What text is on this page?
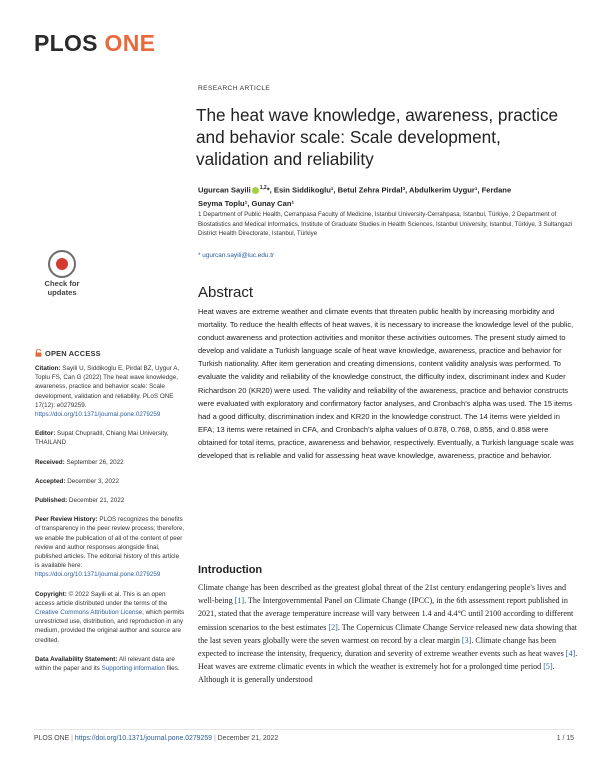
PLOS ONE
RESEARCH ARTICLE
The heat wave knowledge, awareness, practice and behavior scale: Scale development, validation and reliability
Ugurcan Sayili $^{1,2}$*, Esin Siddikoglu¹, Betul Zehra Pirdal³, Abdulkerim Uygur¹, Ferdane
Seyma Toplu¹, Gunay Can¹
1 Department of Public Health, Cerrahpasa Faculty of Medicine, Istanbul University-Cerrahpasa, Istanbul, Türkiye, 2 Department of Biostatistics and Medical Informatics, Institute of Graduate Studies in Health Sciences, Istanbul University, Istanbul, Türkiye, 3 Sultangazi District Health Directorate, Istanbul, Türkiye
* ugurcan.sayili@iuc.edu.tr
Check for
updates	Abstract
Heat waves are extreme weather and climate events that threaten public health by increasing morbidity and mortality. To reduce the health effects of heat waves, it is necessary to increase the knowledge level of the public, conduct awareness and protection activities and monitor these activities outcomes. The present study aimed to develop and validate a Turkish language scale of heat wave knowledge, awareness, practice and behavior for Turkish nationality. After item generation and creating dimensions, content validity analysis was performed. To evaluate the validity and reliability of the knowledge construct, the difficulty index, discriminant index and Kuder Richardson 20 (KR20) were used. The validity and reliability of the awareness, practice and behavior constructs were evaluated with exploratory and confirmatory factor analyses, and Cronbach's alpha was used. The 15 items had a good difficulty, discrimination index and KR20 in the knowledge construct. The 14 items were yielded in EFA; 13 items were retained in CFA, and Cronbach's alpha values of 0.878, 0.768, 0.855, and 0.858 were obtained for total items, practice, awareness and behavior, respectively. Eventually, a Turkish language scale was developed that is reliable and valid for assessing heat wave knowledge, awareness, practice and behavior.
OPEN ACCESS
Citation: Sayili U, Siddikoglu E, Pirdal BZ, Uygur A, Toplu FS, Can G (2022) The heat wave knowledge, awareness, practice and behavior scale: Scale development, validation and reliability. PLoS ONE 17(12): e0279259. https://doi.org/10.1371/journal.pone.0279259
Editor: Supat Chupradit, Chiang Mai University, THAILAND
Received: September 26, 2022
Accepted: December 3, 2022
Published: December 21, 2022
Peer Review History: PLOS recognizes the benefits of transparency in the peer review process; therefore, we enable the publication of all of the content of peer review and author responses alongside final, published articles. The editorial history of this article is available here: https://doi.org/10.1371/journal.pone.0279259
Copyright: © 2022 Sayili et al. This is an open access article distributed under the terms of the Creative Commons Attribution License, which permits unrestricted use, distribution, and reproduction in any medium, provided the original author and source are credited.
Data Availability Statement: All relevant data are within the paper and its Supporting information files.
Introduction
Climate change has been described as the greatest global threat of the 21st century endangering people's lives and well-being [1]. The Intergovernmental Panel on Climate Change (IPCC), in the 6th assessment report published in 2021, stated that the average temperature increase will vary between 1.4 and 4.4°C until 2100 according to different emission scenarios to the best estimates [2]. The Copernicus Climate Change Service released new data showing that the last seven years globally were the seven warmest on record by a clear margin [3]. Climate change has been expected to increase the intensity, frequency, duration and severity of extreme weather events such as heat waves [4]. Heat waves are extreme climatic events in which the weather is extremely hot for a prolonged time period [5]. Although it is generally understood
PLOS ONE | https://doi.org/10.1371/journal.pone.0279259 | December 21, 2022	1 / 15
